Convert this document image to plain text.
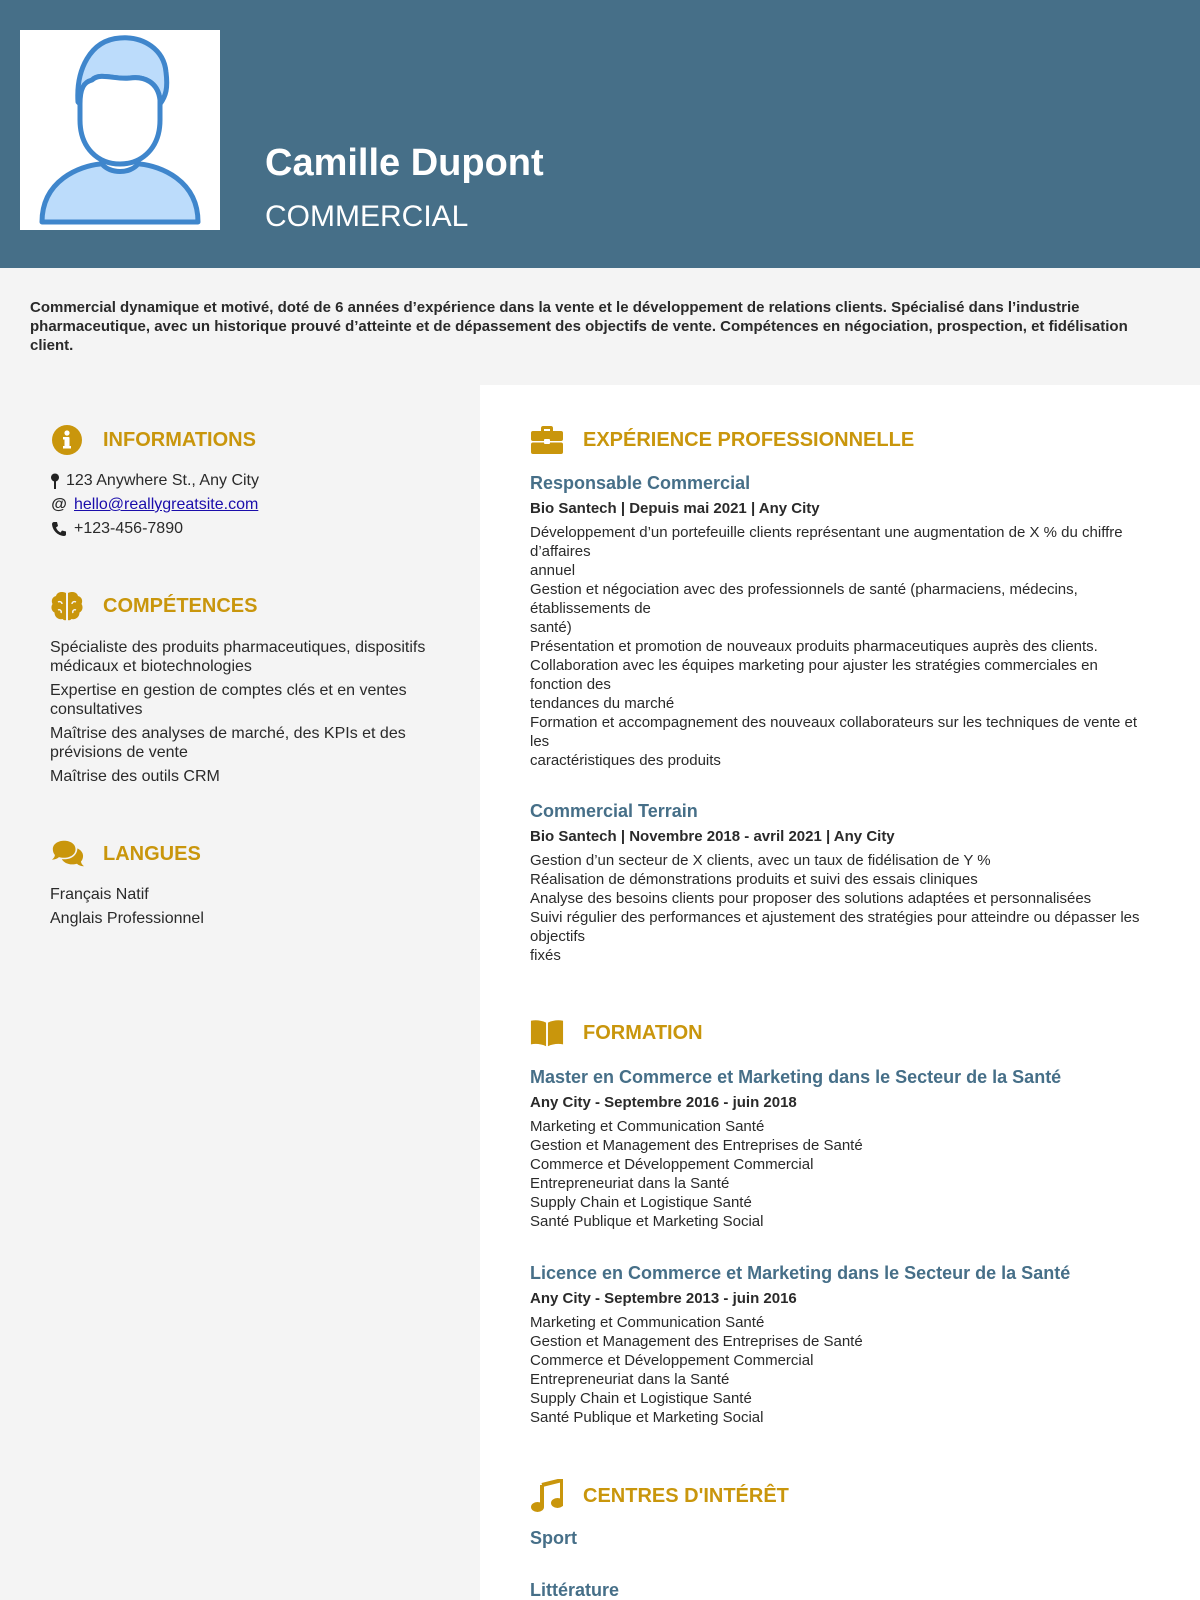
Camille Dupont
COMMERCIAL
Commercial dynamique et motivé, doté de 6 années d’expérience dans la vente et le développement de relations clients. Spécialisé dans l’industrie pharmaceutique, avec un historique prouvé d’atteinte et de dépassement des objectifs de vente. Compétences en négociation, prospection, et fidélisation client.
INFORMATIONS
123 Anywhere St., Any City
@ hello@reallygreatsite.com
+123-456-7890
COMPÉTENCES
Spécialiste des produits pharmaceutiques, dispositifs médicaux et biotechnologies
Expertise en gestion de comptes clés et en ventes consultatives
Maîtrise des analyses de marché, des KPIs et des prévisions de vente
Maîtrise des outils CRM
LANGUES
Français Natif
Anglais Professionnel
EXPÉRIENCE PROFESSIONNELLE
Responsable Commercial
Bio Santech | Depuis mai 2021 | Any City
Développement d’un portefeuille clients représentant une augmentation de X % du chiffre d’affaires
annuel
Gestion et négociation avec des professionnels de santé (pharmaciens, médecins, établissements de
santé)
Présentation et promotion de nouveaux produits pharmaceutiques auprès des clients.
Collaboration avec les équipes marketing pour ajuster les stratégies commerciales en fonction des
tendances du marché
Formation et accompagnement des nouveaux collaborateurs sur les techniques de vente et les
caractéristiques des produits
Commercial Terrain
Bio Santech | Novembre 2018 - avril 2021 | Any City
Gestion d’un secteur de X clients, avec un taux de fidélisation de Y %
Réalisation de démonstrations produits et suivi des essais cliniques
Analyse des besoins clients pour proposer des solutions adaptées et personnalisées
Suivi régulier des performances et ajustement des stratégies pour atteindre ou dépasser les objectifs
fixés
FORMATION
Master en Commerce et Marketing dans le Secteur de la Santé
Any City - Septembre 2016 - juin 2018
Marketing et Communication Santé
Gestion et Management des Entreprises de Santé
Commerce et Développement Commercial
Entrepreneuriat dans la Santé
Supply Chain et Logistique Santé
Santé Publique et Marketing Social
Licence en Commerce et Marketing dans le Secteur de la Santé
Any City - Septembre 2013 - juin 2016
Marketing et Communication Santé
Gestion et Management des Entreprises de Santé
Commerce et Développement Commercial
Entrepreneuriat dans la Santé
Supply Chain et Logistique Santé
Santé Publique et Marketing Social
CENTRES D'INTÉRÊT
Sport
Littérature
